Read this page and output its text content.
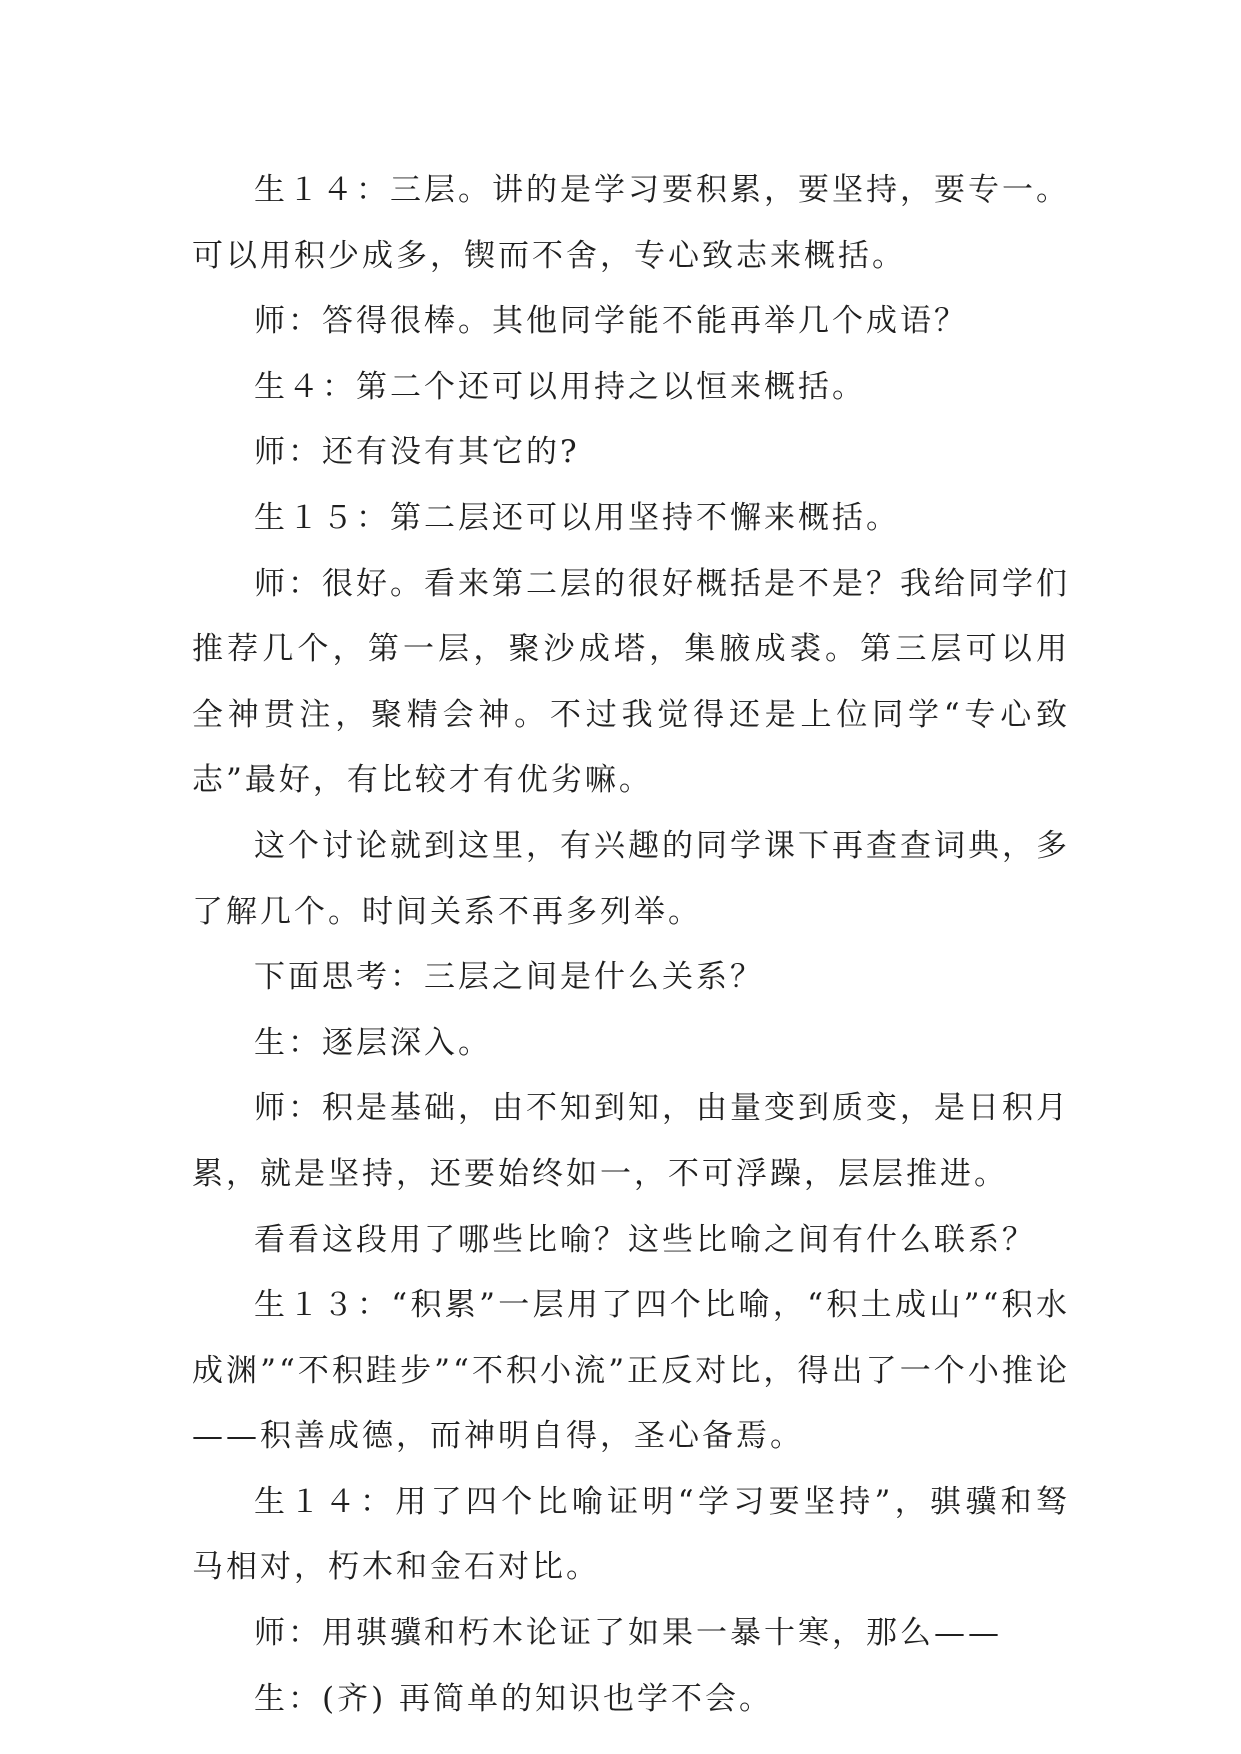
生１４：三层。讲的是学习要积累，要坚持，要专一。可以用积少成多，锲而不舍，专心致志来概括。

师：答得很棒。其他同学能不能再举几个成语？

生４：第二个还可以用持之以恒来概括。

师：还有没有其它的?

生１５：第二层还可以用坚持不懈来概括。

师：很好。看来第二层的很好概括是不是？我给同学们推荐几个，第一层，聚沙成塔，集腋成裘。第三层可以用全神贯注，聚精会神。不过我觉得还是上位同学“专心致志”最好，有比较才有优劣嘛。

这个讨论就到这里，有兴趣的同学课下再查查词典，多了解几个。时间关系不再多列举。

下面思考：三层之间是什么关系？

生：逐层深入。

师：积是基础，由不知到知，由量变到质变，是日积月累，就是坚持，还要始终如一，不可浮躁，层层推进。

看看这段用了哪些比喻？这些比喻之间有什么联系？

生１３：“积累”一层用了四个比喻，“积土成山”“积水成渊”“不积跬步”“不积小流”正反对比，得出了一个小推论——积善成德，而神明自得，圣心备焉。

生１４：用了四个比喻证明“学习要坚持”，骐骥和驽马相对，朽木和金石对比。

师：用骐骥和朽木论证了如果一暴十寒，那么——

生：(齐) 再简单的知识也学不会。
